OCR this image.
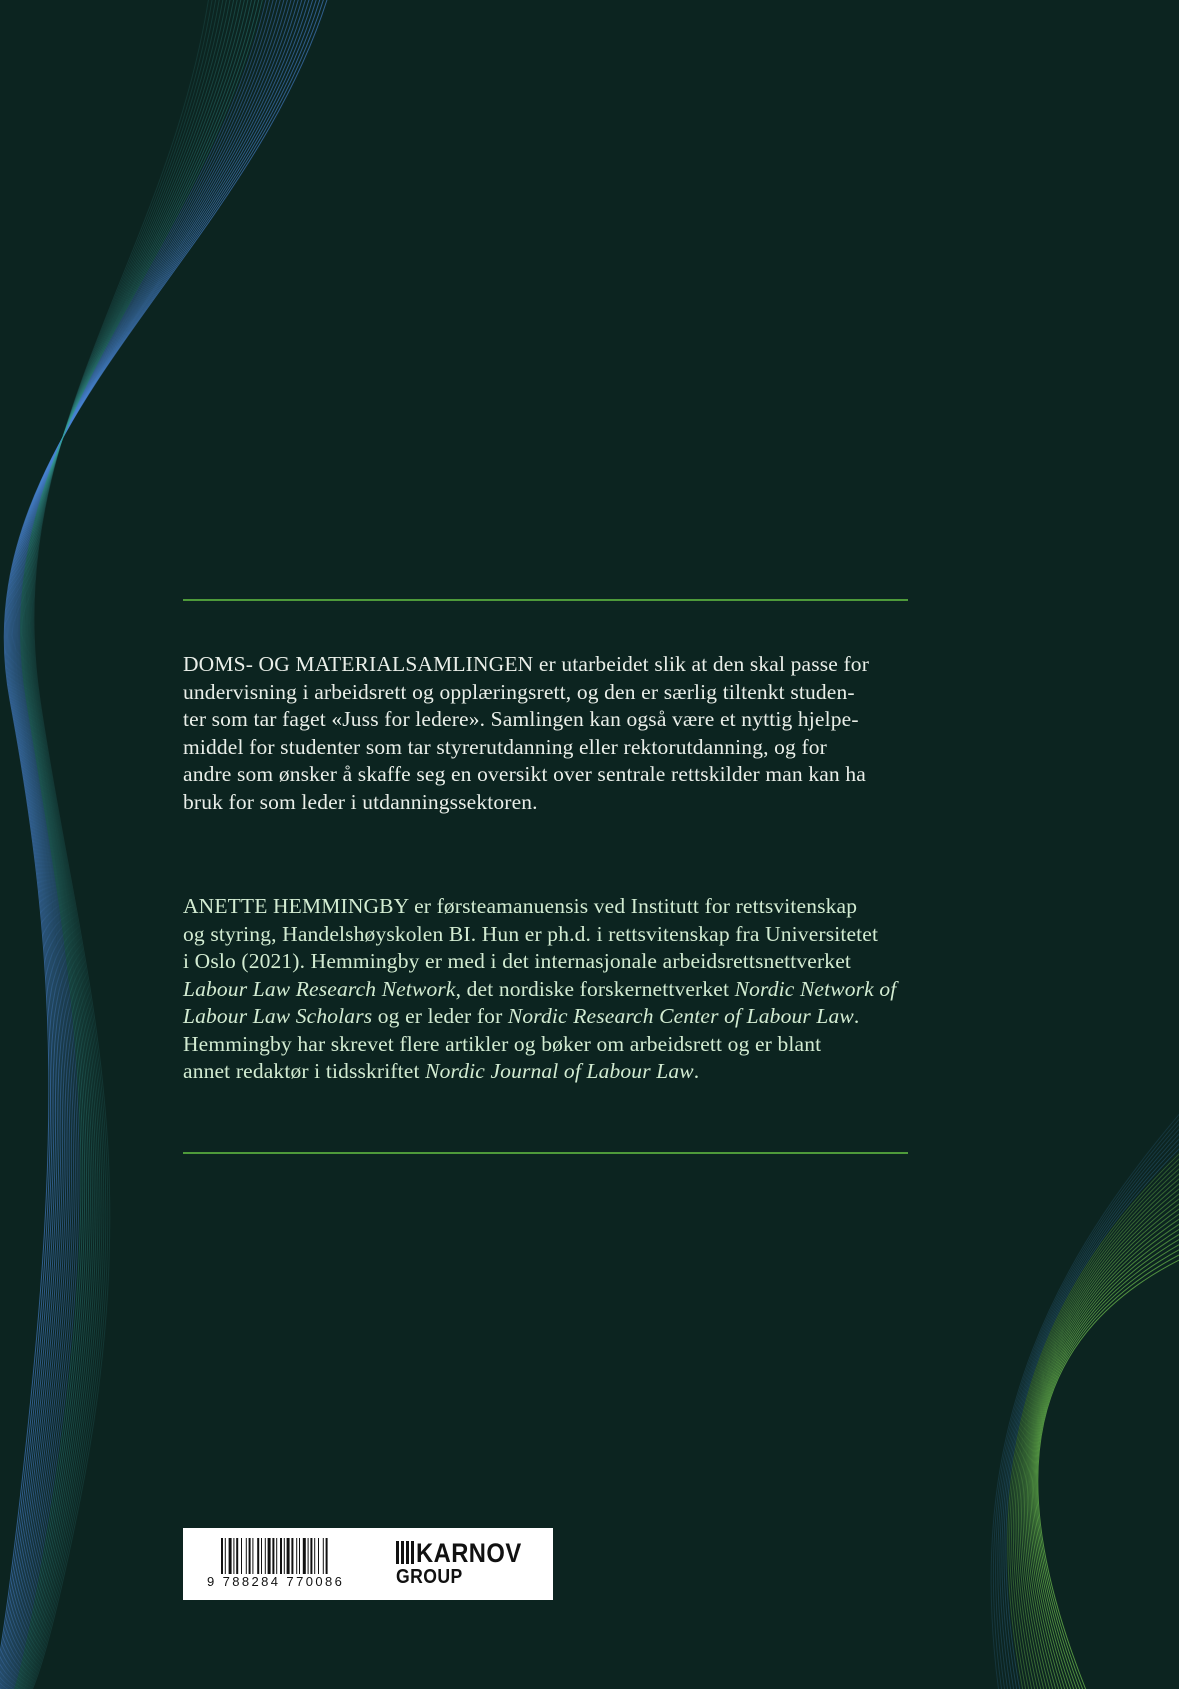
DOMS- OG MATERIALSAMLINGEN er utarbeidet slik at den skal passe for
undervisning i arbeidsrett og opplæringsrett, og den er særlig tiltenkt studen-
ter som tar faget «Juss for ledere». Samlingen kan også være et nyttig hjelpe-
middel for studenter som tar styrerutdanning eller rektorutdanning, og for
andre som ønsker å skaffe seg en oversikt over sentrale rettskilder man kan ha
bruk for som leder i utdanningssektoren.
ANETTE HEMMINGBY er førsteamanuensis ved Institutt for rettsvitenskap
og styring, Handelshøyskolen BI. Hun er ph.d. i rettsvitenskap fra Universitetet
i Oslo (2021). Hemmingby er med i det internasjonale arbeidsrettsnettverket
Labour Law Research Network, det nordiske forskernettverket Nordic Network of
Labour Law Scholars og er leder for Nordic Research Center of Labour Law.
Hemmingby har skrevet flere artikler og bøker om arbeidsrett og er blant
annet redaktør i tidsskriftet Nordic Journal of Labour Law.
9 788284 770086
KARNOV
GROUP
